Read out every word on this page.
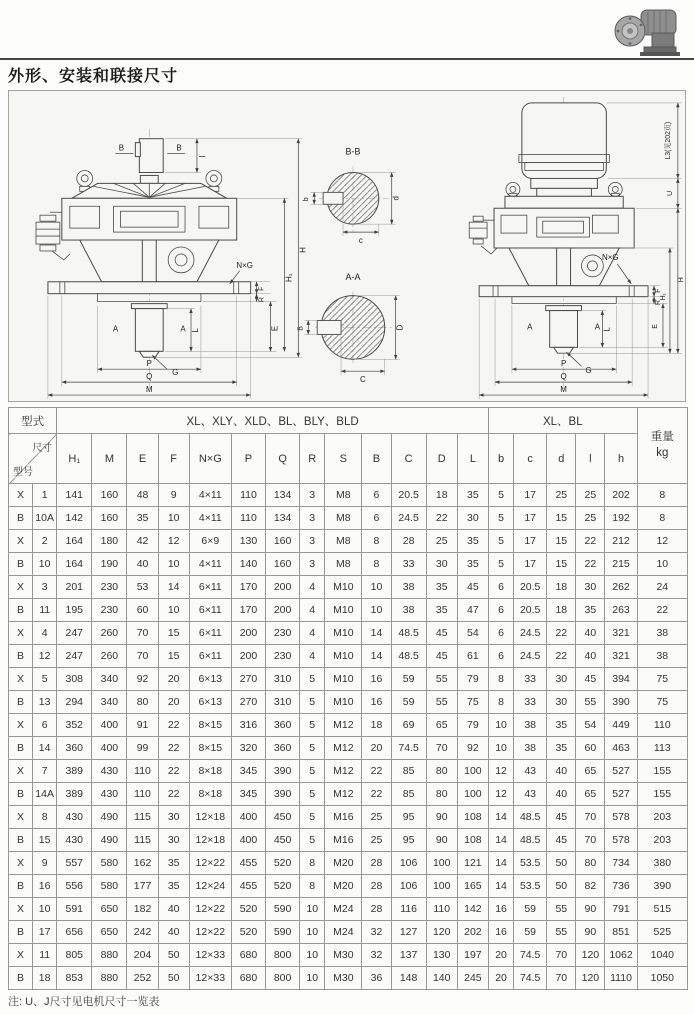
外形、安装和联接尺寸
B	B
l
A	A L
G
N×G
F
R
E
H₁
H
P
Q
M
B-B
b	d
c
A-A
B	D
C
A	A L
G
N×G
F
R
E
H₁
H
U
L3(见202页)
P
Q
M
型式		XL、XLY、XLD、BL、BLY、BLD													XL、BL					重量
kg

尺寸
型号		H₁	M	E	F	N×G	P	Q	R	S	B	C	D	L	b	c	d	l	h	
X	1	141	160	48	9	4×11	110	134	3	M8	6	20.5	18	35	5	17	25	25	202	8
B	10A	142	160	35	10	4×11	110	134	3	M8	6	24.5	22	30	5	17	15	25	192	8
X	2	164	180	42	12	6×9	130	160	3	M8	8	28	25	35	5	17	15	22	212	12
B	10	164	190	40	10	4×11	140	160	3	M8	8	33	30	35	5	17	15	22	215	10
X	3	201	230	53	14	6×11	170	200	4	M10	10	38	35	45	6	20.5	18	30	262	24
B	11	195	230	60	10	6×11	170	200	4	M10	10	38	35	47	6	20.5	18	35	263	22
X	4	247	260	70	15	6×11	200	230	4	M10	14	48.5	45	54	6	24.5	22	40	321	38
B	12	247	260	70	15	6×11	200	230	4	M10	14	48.5	45	61	6	24.5	22	40	321	38
X	5	308	340	92	20	6×13	270	310	5	M10	16	59	55	79	8	33	30	45	394	75
B	13	294	340	80	20	6×13	270	310	5	M10	16	59	55	75	8	33	30	55	390	75
X	6	352	400	91	22	8×15	316	360	5	M12	18	69	65	79	10	38	35	54	449	110
B	14	360	400	99	22	8×15	320	360	5	M12	20	74.5	70	92	10	38	35	60	463	113
X	7	389	430	110	22	8×18	345	390	5	M12	22	85	80	100	12	43	40	65	527	155
B	14A	389	430	110	22	8×18	345	390	5	M12	22	85	80	100	12	43	40	65	527	155
X	8	430	490	115	30	12×18	400	450	5	M16	25	95	90	108	14	48.5	45	70	578	203
B	15	430	490	115	30	12×18	400	450	5	M16	25	95	90	108	14	48.5	45	70	578	203
X	9	557	580	162	35	12×22	455	520	8	M20	28	106	100	121	14	53.5	50	80	734	380
B	16	556	580	177	35	12×24	455	520	8	M20	28	106	100	165	14	53.5	50	82	736	390
X	10	591	650	182	40	12×22	520	590	10	M24	28	116	110	142	16	59	55	90	791	515
B	17	656	650	242	40	12×22	520	590	10	M24	32	127	120	202	16	59	55	90	851	525
X	11	805	880	204	50	12×33	680	800	10	M30	32	137	130	197	20	74.5	70	120	1062	1040
B	18	853	880	252	50	12×33	680	800	10	M30	36	148	140	245	20	74.5	70	120	1110	1050
注: U、J尺寸见电机尺寸一览表
